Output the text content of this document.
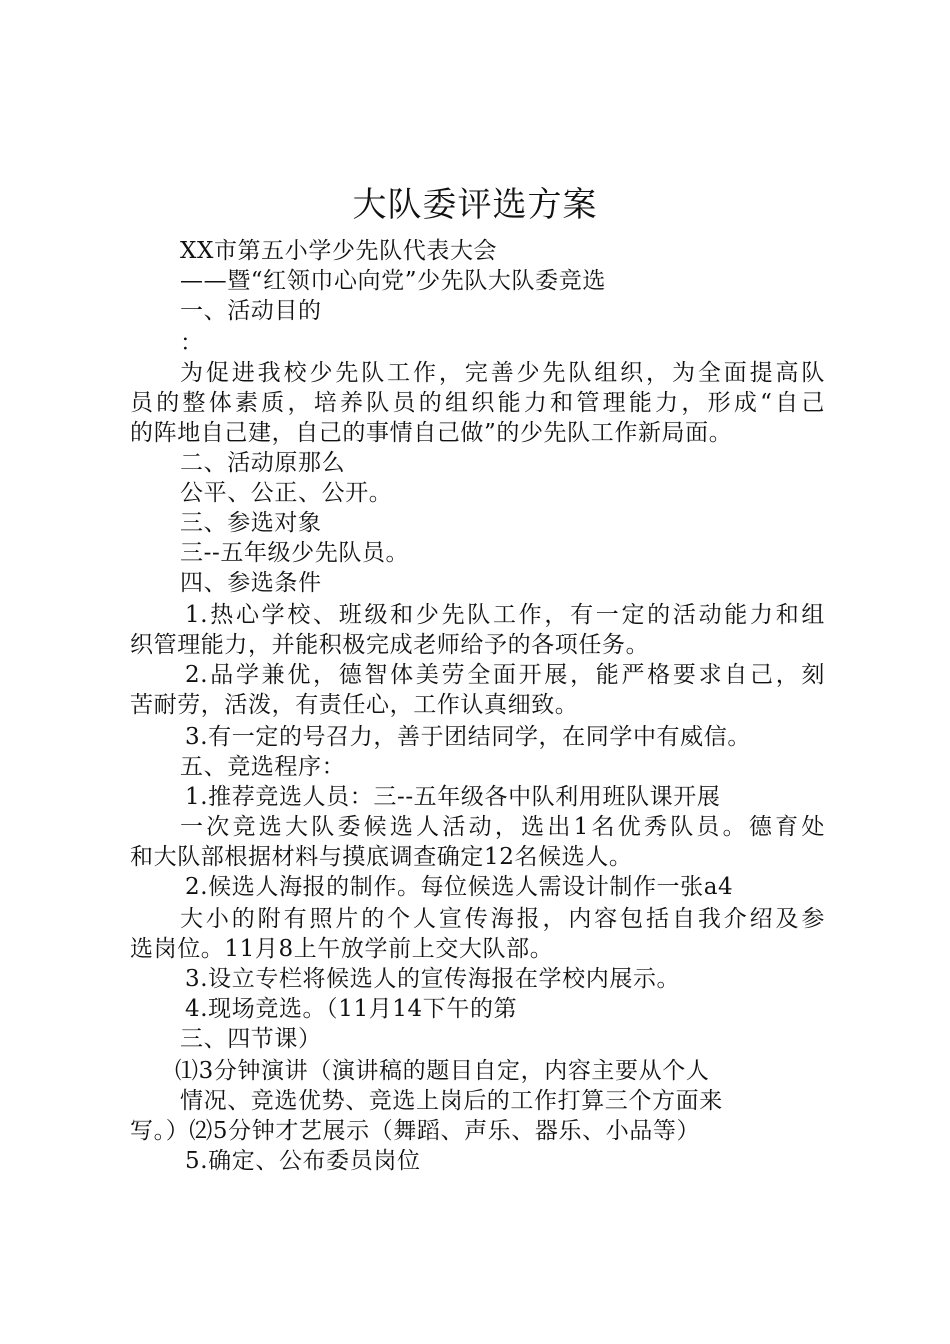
大队委评选方案
XX市第五小学少先队代表大会
——暨“红领巾心向党”少先队大队委竞选
一、活动目的
：
为促进我校少先队工作，完善少先队组织，为全面提高队
员的整体素质，培养队员的组织能力和管理能力，形成“自己
的阵地自己建，自己的事情自己做”的少先队工作新局面。
二、活动原那么
公平、公正、公开。
三、参选对象
三--五年级少先队员。
四、参选条件
1.热心学校、班级和少先队工作，有一定的活动能力和组
织管理能力，并能积极完成老师给予的各项任务。
2.品学兼优，德智体美劳全面开展，能严格要求自己，刻
苦耐劳，活泼，有责任心，工作认真细致。
3.有一定的号召力，善于团结同学，在同学中有威信。
五、竞选程序：
1.推荐竞选人员：三--五年级各中队利用班队课开展
一次竞选大队委候选人活动，选出1名优秀队员。德育处
和大队部根据材料与摸底调查确定12名候选人。
2.候选人海报的制作。每位候选人需设计制作一张a4
大小的附有照片的个人宣传海报，内容包括自我介绍及参
选岗位。11月8上午放学前上交大队部。
3.设立专栏将候选人的宣传海报在学校内展示。
4.现场竞选。（11月14下午的第
三、四节课）
⑴3分钟演讲（演讲稿的题目自定，内容主要从个人
情况、竞选优势、竞选上岗后的工作打算三个方面来
写。）⑵5分钟才艺展示（舞蹈、声乐、器乐、小品等）
5.确定、公布委员岗位
